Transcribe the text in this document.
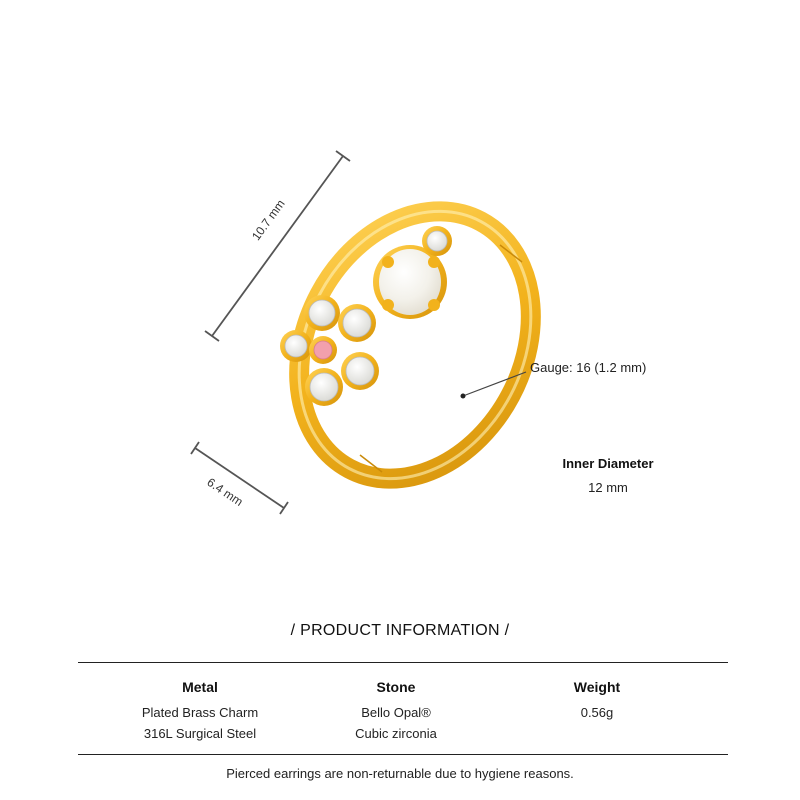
10.7 mm
6.4 mm
Gauge: 16 (1.2 mm)
Inner Diameter
12 mm
/ PRODUCT INFORMATION /
Metal
Plated Brass Charm
316L Surgical Steel
Stone
Bello Opal®
Cubic zirconia
Weight
0.56g
Pierced earrings are non-returnable due to hygiene reasons.
